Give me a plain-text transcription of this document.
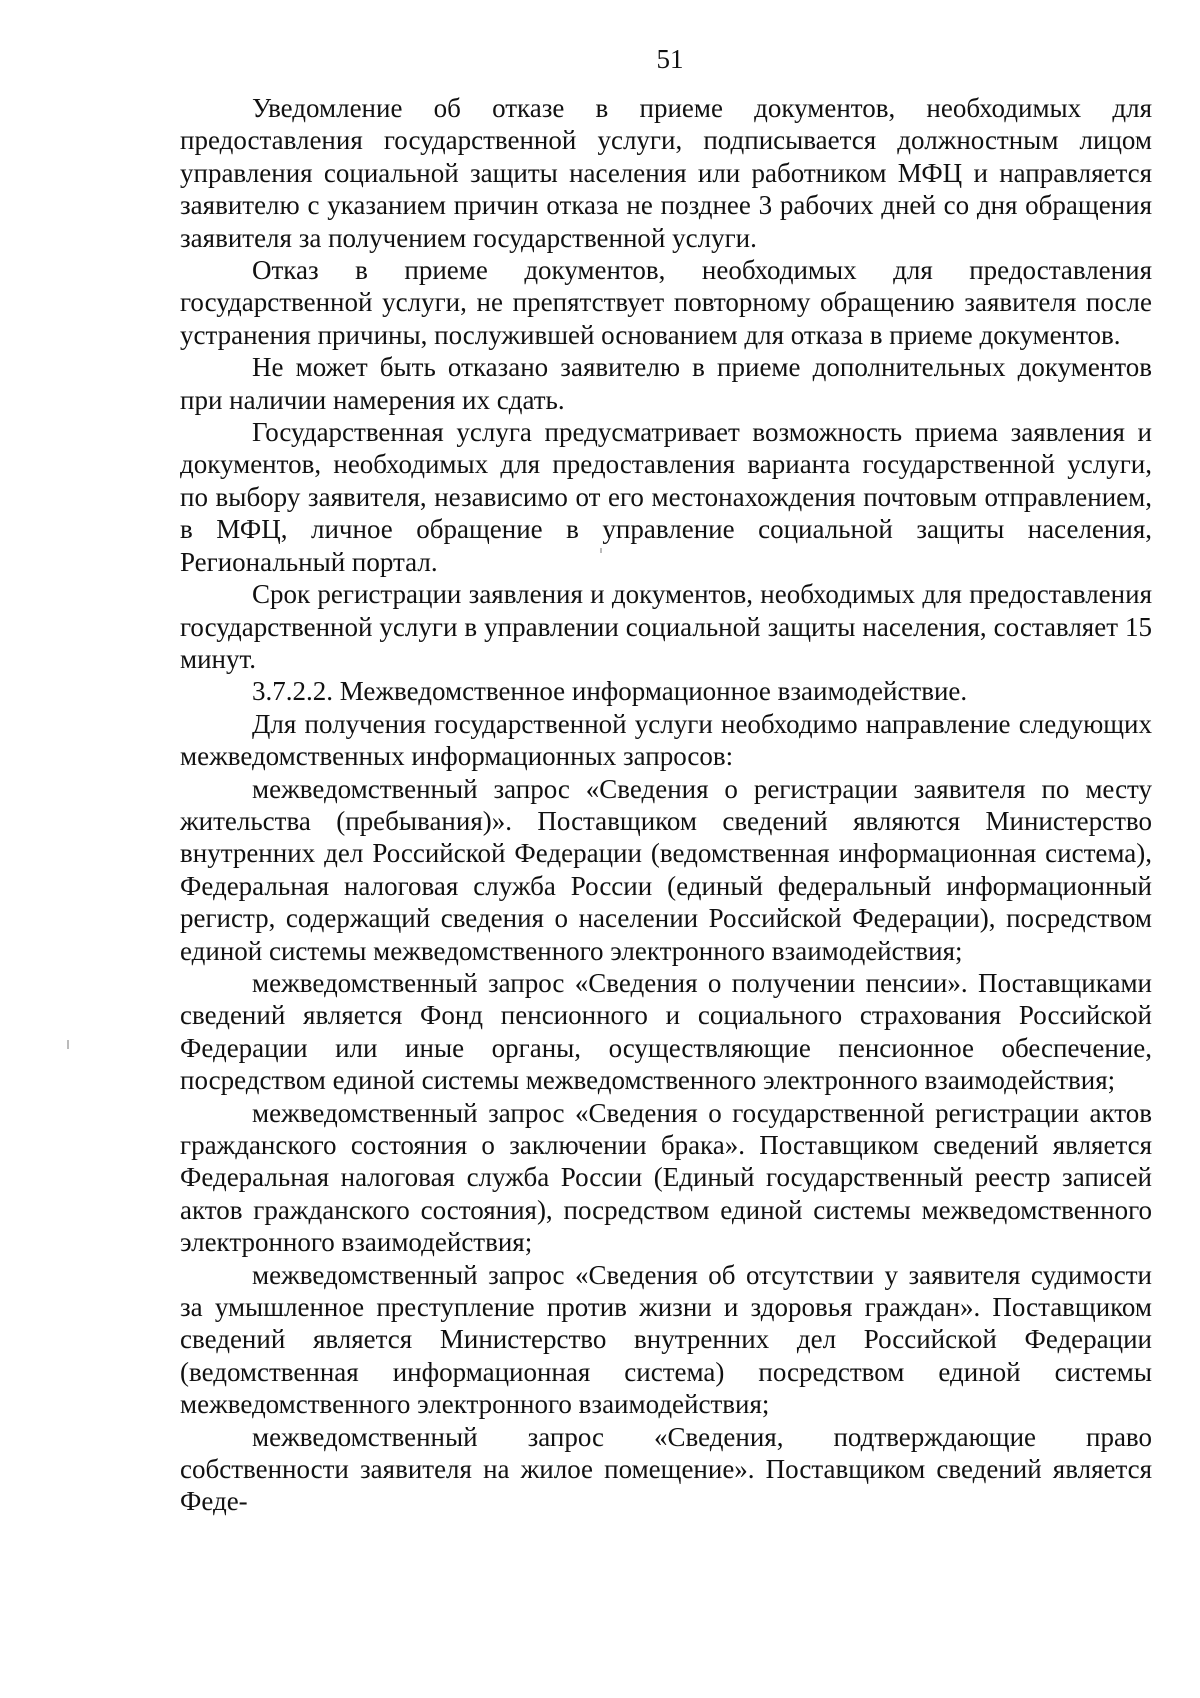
51

Уведомление об отказе в приеме документов, необходимых для предоставления государственной услуги, подписывается должностным лицом управления социальной защиты населения или работником МФЦ и направляется заявителю с указанием причин отказа не позднее 3 рабочих дней со дня обращения заявителя за получением государственной услуги.

Отказ в приеме документов, необходимых для предоставления государственной услуги, не препятствует повторному обращению заявителя после устранения причины, послужившей основанием для отказа в приеме документов.

Не может быть отказано заявителю в приеме дополнительных документов при наличии намерения их сдать.

Государственная услуга предусматривает возможность приема заявления и документов, необходимых для предоставления варианта государственной услуги, по выбору заявителя, независимо от его местонахождения почтовым отправлением, в МФЦ, личное обращение в управление социальной защиты населения, Региональный портал.

Срок регистрации заявления и документов, необходимых для предоставления государственной услуги в управлении социальной защиты населения, составляет 15 минут.

3.7.2.2. Межведомственное информационное взаимодействие.

Для получения государственной услуги необходимо направление следующих межведомственных информационных запросов:

межведомственный запрос «Сведения о регистрации заявителя по месту жительства (пребывания)». Поставщиком сведений являются Министерство внутренних дел Российской Федерации (ведомственная информационная система), Федеральная налоговая служба России (единый федеральный информационный регистр, содержащий сведения о населении Российской Федерации), посредством единой системы межведомственного электронного взаимодействия;

межведомственный запрос «Сведения о получении пенсии». Поставщиками сведений является Фонд пенсионного и социального страхования Российской Федерации или иные органы, осуществляющие пенсионное обеспечение, посредством единой системы межведомственного электронного взаимодействия;

межведомственный запрос «Сведения о государственной регистрации актов гражданского состояния о заключении брака». Поставщиком сведений является Федеральная налоговая служба России (Единый государственный реестр записей актов гражданского состояния), посредством единой системы межведомственного электронного взаимодействия;

межведомственный запрос «Сведения об отсутствии у заявителя судимости за умышленное преступление против жизни и здоровья граждан». Поставщиком сведений является Министерство внутренних дел Российской Федерации (ведомственная информационная система) посредством единой системы межведомственного электронного взаимодействия;

межведомственный запрос «Сведения, подтверждающие право собственности заявителя на жилое помещение». Поставщиком сведений является Феде-
